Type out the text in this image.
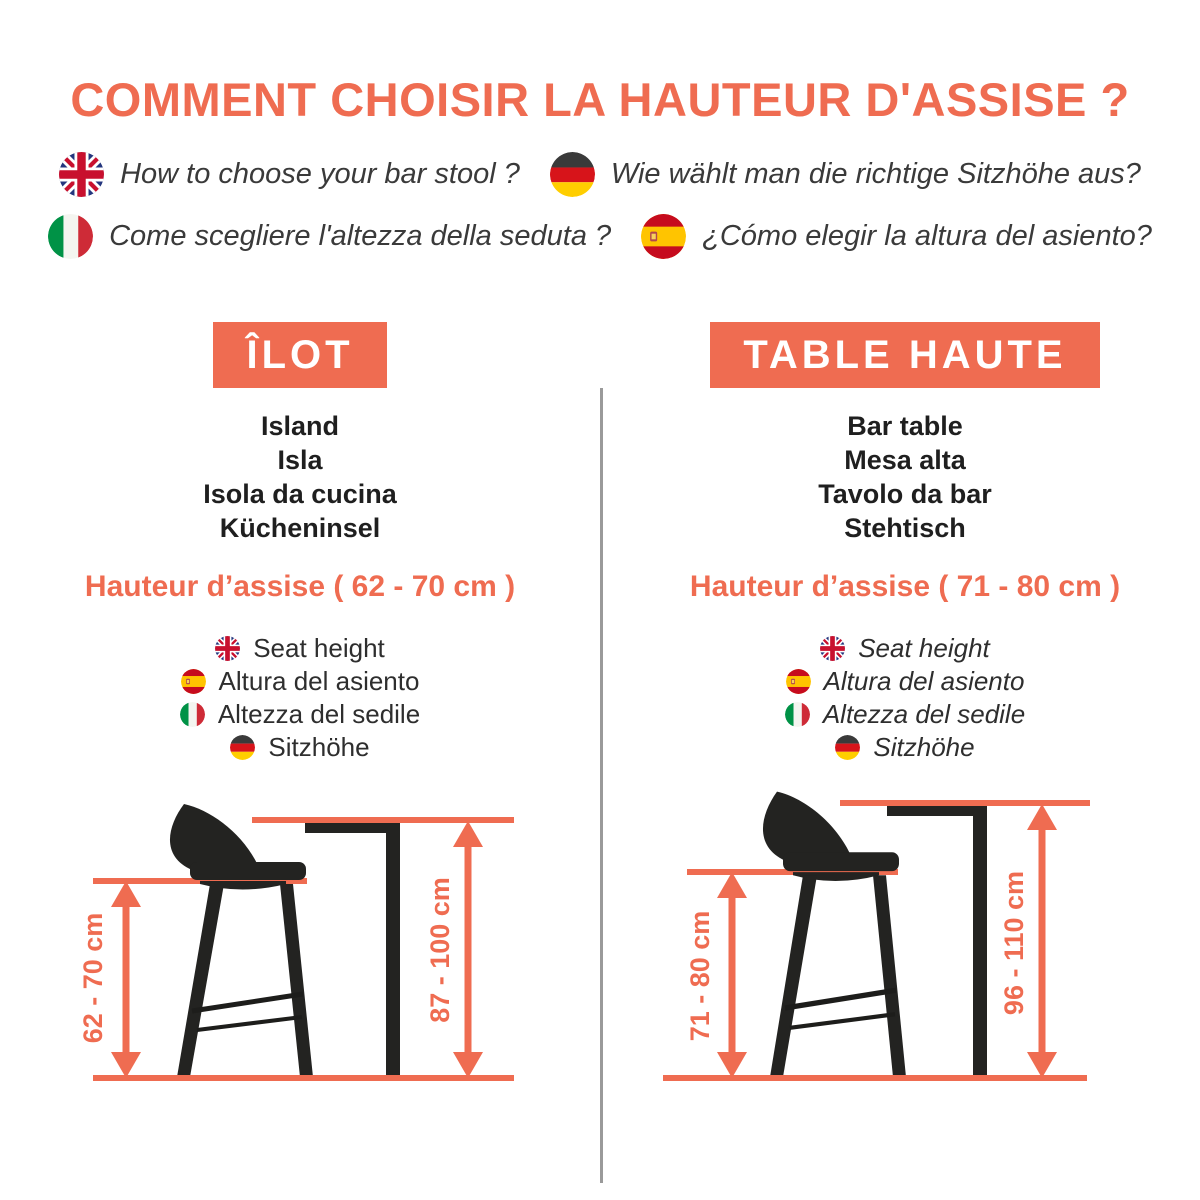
COMMENT CHOISIR LA HAUTEUR D'ASSISE ?
How to choose your bar stool ?	Wie wählt man die richtige Sitzhöhe aus?
Come scegliere l'altezza della seduta ?	¿Cómo elegir la altura del asiento?
ÎLOT
Island
Isla
Isola da cucina
Kücheninsel
Hauteur d’assise ( 62 - 70 cm )
Seat height
Altura del asiento
Altezza del sedile
Sitzhöhe
TABLE HAUTE
Bar table
Mesa alta
Tavolo da bar
Stehtisch
Hauteur d’assise ( 71 - 80 cm )
Seat height
Altura del asiento
Altezza del sedile
Sitzhöhe
62 - 70 cm	87 - 100 cm	71 - 80 cm	96 - 110 cm
